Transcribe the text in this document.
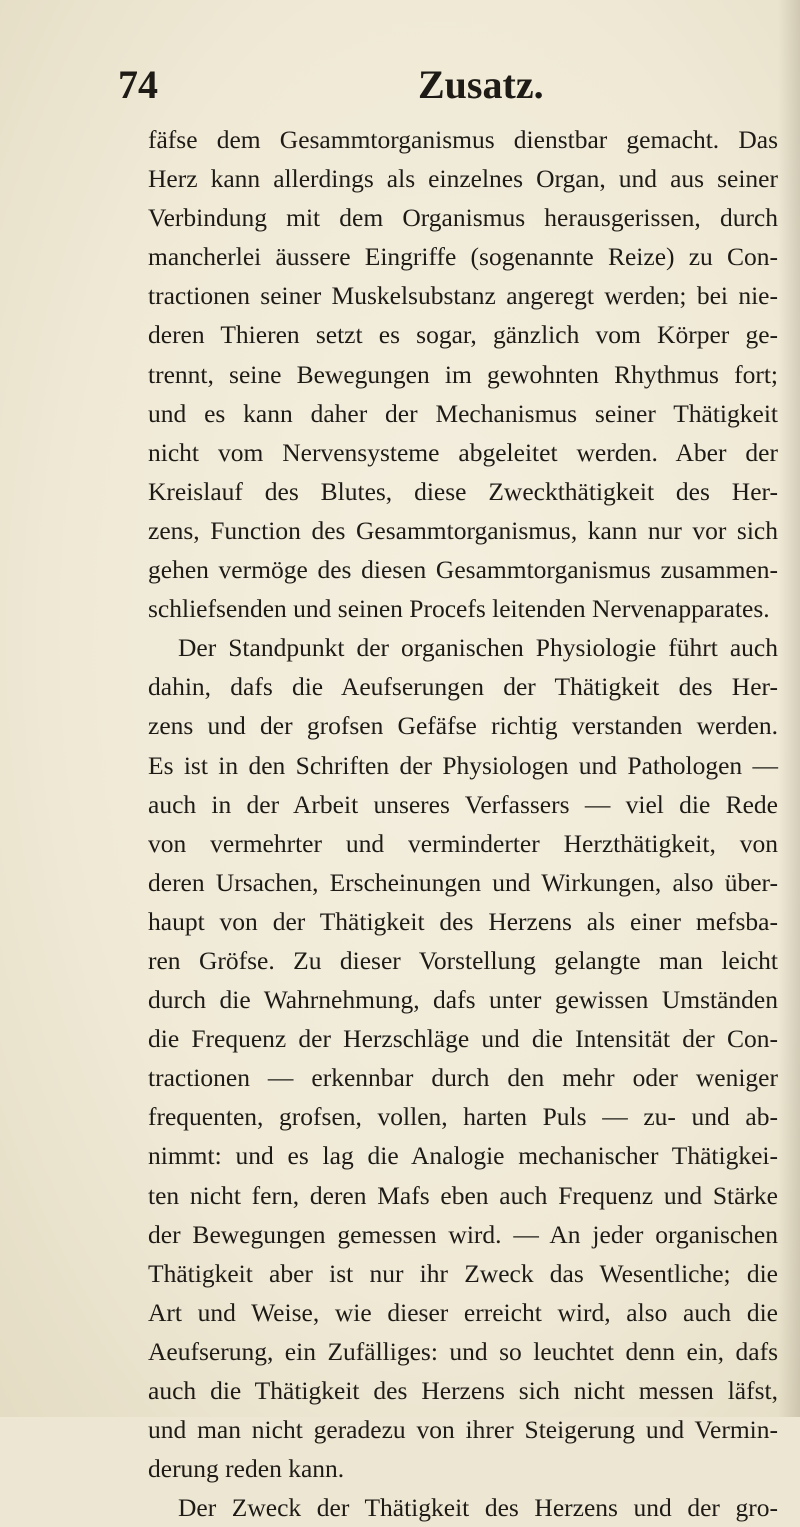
74	Zusatz.
fäfse dem Gesammtorganismus dienstbar gemacht. Das
Herz kann allerdings als einzelnes Organ, und aus seiner
Verbindung mit dem Organismus herausgerissen, durch
mancherlei äussere Eingriffe (sogenannte Reize) zu Con-
tractionen seiner Muskelsubstanz angeregt werden; bei nie-
deren Thieren setzt es sogar, gänzlich vom Körper ge-
trennt, seine Bewegungen im gewohnten Rhythmus fort;
und es kann daher der Mechanismus seiner Thätigkeit
nicht vom Nervensysteme abgeleitet werden. Aber der
Kreislauf des Blutes, diese Zweckthätigkeit des Her-
zens, Function des Gesammtorganismus, kann nur vor sich
gehen vermöge des diesen Gesammtorganismus zusammen-
schliefsenden und seinen Procefs leitenden Nervenapparates.
Der Standpunkt der organischen Physiologie führt auch
dahin, dafs die Aeufserungen der Thätigkeit des Her-
zens und der grofsen Gefäfse richtig verstanden werden.
Es ist in den Schriften der Physiologen und Pathologen —
auch in der Arbeit unseres Verfassers — viel die Rede
von vermehrter und verminderter Herzthätigkeit, von
deren Ursachen, Erscheinungen und Wirkungen, also über-
haupt von der Thätigkeit des Herzens als einer mefsba-
ren Gröfse. Zu dieser Vorstellung gelangte man leicht
durch die Wahrnehmung, dafs unter gewissen Umständen
die Frequenz der Herzschläge und die Intensität der Con-
tractionen — erkennbar durch den mehr oder weniger
frequenten, grofsen, vollen, harten Puls — zu- und ab-
nimmt: und es lag die Analogie mechanischer Thätigkei-
ten nicht fern, deren Mafs eben auch Frequenz und Stärke
der Bewegungen gemessen wird. — An jeder organischen
Thätigkeit aber ist nur ihr Zweck das Wesentliche; die
Art und Weise, wie dieser erreicht wird, also auch die
Aeufserung, ein Zufälliges: und so leuchtet denn ein, dafs
auch die Thätigkeit des Herzens sich nicht messen läfst,
und man nicht geradezu von ihrer Steigerung und Vermin-
derung reden kann.
Der Zweck der Thätigkeit des Herzens und der gro-
